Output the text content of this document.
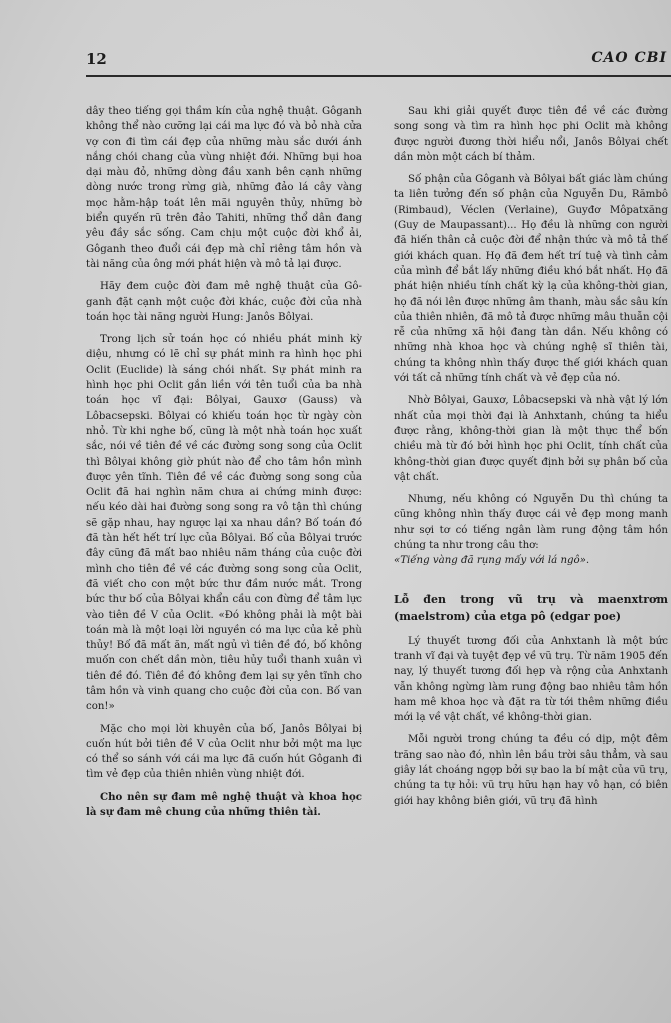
12	CAO CBI

dây theo tiếng gọi thầm kín của nghệ thuật. Gôganh không thể nào cưỡng lại cái ma lực đó và bỏ nhà cửa vợ con đi tìm cái đẹp của những màu sắc dưới ánh nắng chói chang của vùng nhiệt đới. Những bụi hoa dại màu đỏ, những dòng đầu xanh bên cạnh những dòng nước trong rừng già, những đảo lá cây vàng mọc hằm-hập toát lên mãi nguyên thủy, những bờ biển quyến rũ trên đảo Tahiti, những thổ dân đang yêu đầy sắc sống. Cam chịu một cuộc đời khổ ải, Gôganh theo đuổi cái đẹp mà chỉ riêng tâm hồn và tài năng của ông mới phát hiện và mô tả lại được.

Hãy đem cuộc đời đam mê nghệ thuật của Gô-ganh đặt cạnh một cuộc đời khác, cuộc đời của nhà toán học tài năng người Hung: Janôs Bôlyai.

Trong lịch sử toán học có nhiều phát minh kỳ diệu, nhưng có lẽ chỉ sự phát minh ra hình học phi Oclit (Euclide) là sáng chói nhất. Sự phát minh ra hình học phi Oclit gắn liền với tên tuổi của ba nhà toán học vĩ đại: Bôlyai, Gauxơ (Gauss) và Lôbacsepski. Bôlyai có khiếu toán học từ ngày còn nhỏ. Từ khi nghe bố, cũng là một nhà toán học xuất sắc, nói về tiên đề về các đường song song của Oclit thì Bôlyai không giờ phút nào để cho tâm hồn mình được yên tĩnh. Tiên đề về các đường song song của Oclit đã hai nghìn năm chưa ai chứng minh được: nếu kéo dài hai đường song song ra vô tận thì chúng sẽ gặp nhau, hay ngược lại xa nhau dần? Bố toán đó đã tàn hết hết trí lực của Bôlyai. Bố của Bôlyai trước đây cũng đã mất bao nhiêu năm tháng của cuộc đời mình cho tiên đề về các đường song song của Oclit, đã viết cho con một bức thư đầm nước mắt. Trong bức thư bố của Bôlyai khẩn cầu con đừng để tâm lực vào tiên đề V của Oclit. «Đó không phải là một bài toán mà là một loại lời nguyền có ma lực của kẻ phù thủy! Bố đã mất ăn, mất ngủ vì tiên đề đó, bố không muốn con chết dần mòn, tiêu hủy tuổi thanh xuân vì tiên đề đó. Tiên đề đó không đem lại sự yên tĩnh cho tâm hồn và vinh quang cho cuộc đời của con. Bố van con!»

Mặc cho mọi lời khuyên của bố, Janôs Bôlyai bị cuốn hút bởi tiên đề V của Oclit như bởi một ma lực có thể so sánh với cái ma lực đã cuốn hút Gôganh đi tìm vẻ đẹp của thiên nhiên vùng nhiệt đới.

Cho nên sự đam mê nghệ thuật và khoa học là sự đam mê chung của những thiên tài.

Sau khi giải quyết được tiên đề về các đường song song và tìm ra hình học phi Oclit mà không được người đương thời hiểu nổi, Janôs Bôlyai chết dần mòn một cách bí thảm.

Số phận của Gôganh và Bôlyai bất giác làm chúng ta liên tưởng đến số phận của Nguyễn Du, Rămbô (Rimbaud), Véclen (Verlaine), Guyđơ Môpatxăng (Guy de Maupassant)... Họ đều là những con người đã hiến thân cả cuộc đời để nhận thức và mô tả thế giới khách quan. Họ đã đem hết trí tuệ và tình cảm của mình để bắt lấy những điều khó bắt nhất. Họ đã phát hiện nhiều tính chất kỳ lạ của không-thời gian, họ đã nói lên được những âm thanh, màu sắc sâu kín của thiên nhiên, đã mô tả được những mâu thuẫn cội rễ của những xã hội đang tàn dần. Nếu không có những nhà khoa học và chúng nghệ sĩ thiên tài, chúng ta không nhìn thấy được thế giới khách quan với tất cả những tính chất và vẻ đẹp của nó.

Nhờ Bôlyai, Gauxơ, Lôbacsepski và nhà vật lý lớn nhất của mọi thời đại là Anhxtanh, chúng ta hiểu được rằng, không-thời gian là một thực thể bốn chiều mà từ đó bởi hình học phi Oclit, tính chất của không-thời gian được quyết định bởi sự phân bố của vật chất.

Nhưng, nếu không có Nguyễn Du thì chúng ta cũng không nhìn thấy được cái vẻ đẹp mong manh như sợi tơ có tiếng ngân làm rung động tâm hồn chúng ta như trong câu thơ:

«Tiếng vàng đã rụng mấy với lá ngô».

Lỗ đen trong vũ trụ và maenxtrơm (maelstrom) của etga pô (edgar poe)

Lý thuyết tương đối của Anhxtanh là một bức tranh vĩ đại và tuyệt đẹp về vũ trụ. Từ năm 1905 đến nay, lý thuyết tương đối hẹp và rộng của Anhxtanh vẫn không ngừng làm rung động bao nhiêu tâm hồn ham mê khoa học và đặt ra từ tới thêm những điều mới lạ về vật chất, về không-thời gian.

Mỗi người trong chúng ta đều có dịp, một đêm trăng sao nào đó, nhìn lên bầu trời sâu thẳm, và sau giây lát choáng ngợp bởi sự bao la bí mật của vũ trụ, chúng ta tự hỏi: vũ trụ hữu hạn hay vô hạn, có biên giới hay không biên giới, vũ trụ đã hình
